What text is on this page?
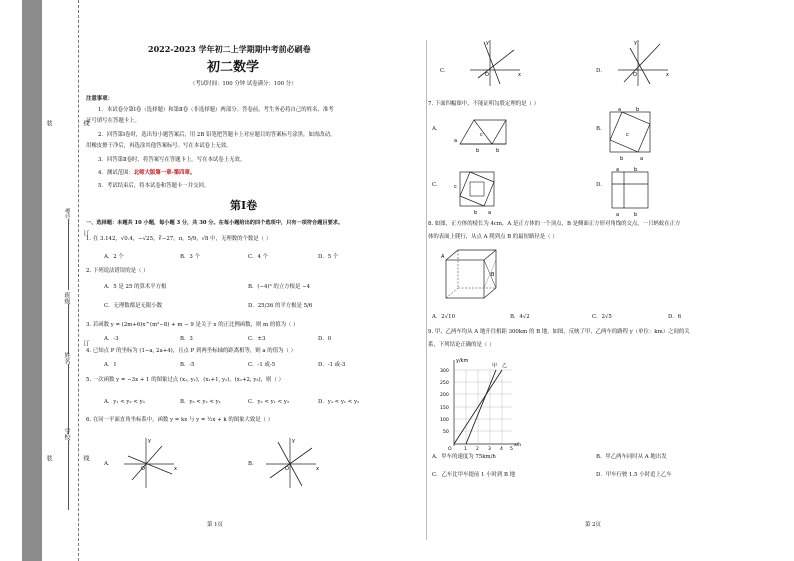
学校：
姓名：
班级：
考号：
线
线
订
订
装
装
2022-2023 学年初二上学期期中考前必刷卷
初二数学
（考试时间：100 分钟 试卷满分：100 分）
注意事项：
1．本试卷分第Ⅰ卷（选择题）和第Ⅱ卷（非选择题）两部分。答卷前，考生务必将自己的姓名、准考
证号填写在答题卡上。
2．回答第Ⅰ卷时，选出每小题答案后，用 2B 铅笔把答题卡上对应题目的答案标号涂黑。如需改动，
用橡皮擦干净后，再选涂其他答案标号。写在本试卷上无效。
3．回答第Ⅱ卷时，将答案写在答题卡上。写在本试卷上无效。
4．测试范围：北师大版第一章-第四章。
5．考试结束后，将本试卷和答题卡一并交回。
第Ⅰ卷
一、选择题：本题共 10 小题，每小题 3 分，共 30 分。在每小题给出的四个选项中，只有一项符合题目要求。
1. 在 3.142，√0.4，−√25，∛−27，π，5/9，√8 中，无理数的个数是（ ）
A．2 个	B．3 个	C．4 个	D．5 个
2. 下列说法错误的是（ ）
A．5 是 25 的算术平方根	B．(−4)³ 的立方根是 −4
C．无理数都是无限小数	D．25/36 的平方根是 5/6
3. 若函数 y = (2m+6)x^(m²−8) + m − 9 是关于 x 的正比例函数，则 m 的值为（ ）
A．-3	B．3	C．±3	D．0
4. 已知点 P 的坐标为 (1−a, 2a+4)，且点 P 到两坐标轴的距离相等，则 a 的值为（ ）
A．1	B．-5	C．-1 或-5	D．-1 或-3
5. 一次函数 y = −3x + 1 的图象过点 (x₁, y₁)，(x₁+1, y₂)，(x₁+2, y₃)，则（ ）
A．y₁ < y₂ < y₃	B．y₃ < y₂ < y₁	C．y₂ < y₁ < y₃	D．y₃ < y₁ < y₂
6. 在同一平面直角坐标系中，函数 y = kx 与 y = ½x + k 的图象大致是（ ）
A．	B．
y
x
O
y
x
O
第 1页
C．	D．
y
x
O
y
x
O
7. 下面四幅图中，不能证明勾股定理的是（ ）
A．	B．
C．	D．
a
b	b
c
a	b
c
b	a
c
b a
a	b
a	b
8. 如图，正方体的棱长为 4cm，A 是正方体的一个顶点，B 是侧面正方形对角线的交点，一只蚂蚁在正方
体的表面上爬行，从点 A 爬到点 B 的最短路径是（ ）
A
B
A．2√10	B．4√2	C．2√5	D．6
9. 甲、乙两车均从 A 地开往相距 300km 的 B 地，如图，反映了甲、乙两车的路程 y（单位：km）之间的关
系，下列结论正确的是（ ）
y/km
300
250
200
150
100
50
O	1 2 3 4 5
x/h
甲 乙
A．甲车的速度为 75km/h	B．甲乙两车同时从 A 地出发
C．乙车比甲车提前 1 小时到 B 地	D．甲车行驶 1.5 小时追上乙车
第 2页
